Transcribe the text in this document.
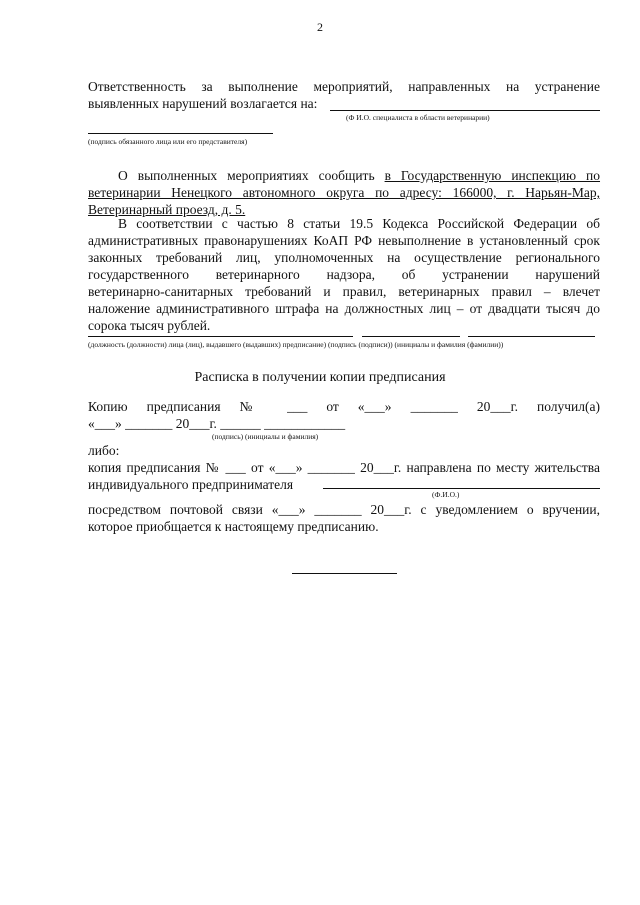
2
Ответственность за выполнение мероприятий, направленных на устранение
выявленных нарушений возлагается на:
(Ф И.О. специалиста в области ветеринарии)
(подпись обязанного лица или его представителя)
О выполненных мероприятиях сообщить в Государственную инспекцию по
ветеринарии Ненецкого автономного округа по адресу: 166000, г. Нарьян-Мар,
Ветеринарный проезд, д. 5.
В соответствии с частью 8 статьи 19.5 Кодекса Российской Федерации об
административных правонарушениях КоАП РФ невыполнение в установленный срок
законных требований лиц, уполномоченных на осуществление регионального
государственного ветеринарного надзора, об устранении нарушений
ветеринарно-санитарных требований и правил, ветеринарных правил – влечет
наложение административного штрафа на должностных лиц – от двадцати тысяч до
сорока тысяч рублей.
(должность (должности) лица (лиц), выдавшего (выдавших) предписание) (подпись (подписи)) (инициалы и фамилия (фамилии))
Расписка в получении копии предписания
Копию предписания № ___ от «___» _______ 20___г. получил(а)
«___» _______ 20___г. ______ ____________
(подпись) (инициалы и фамилия)
либо:
копия предписания № ___ от «___» _______ 20___г. направлена по месту жительства
индивидуального предпринимателя
(Ф.И.О.)
посредством почтовой связи «___» _______ 20___г. с уведомлением о вручении,
которое приобщается к настоящему предписанию.
